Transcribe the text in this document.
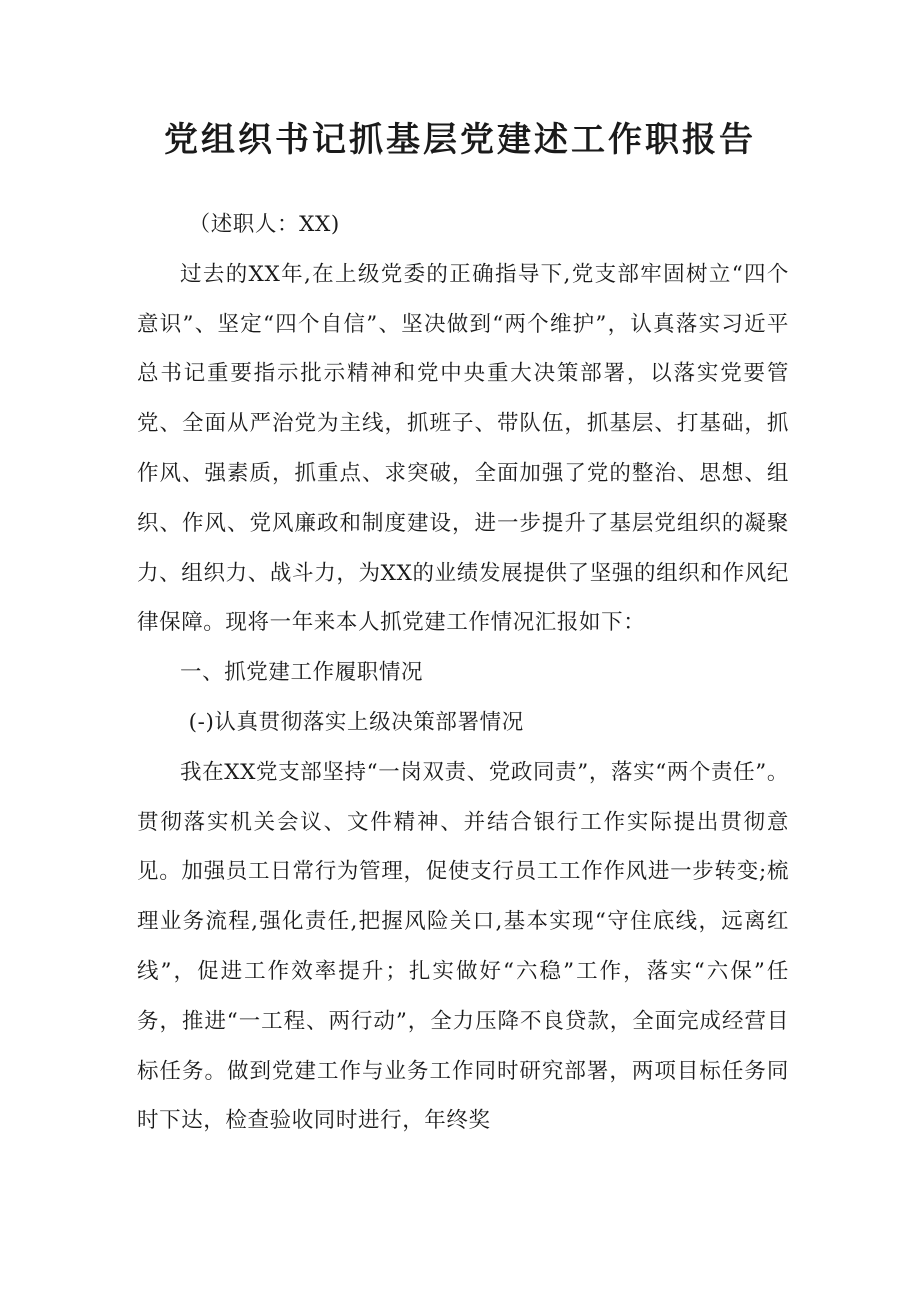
党组织书记抓基层党建述工作职报告

（述职人：XX)

过去的XX年,在上级党委的正确指导下,党支部牢固树立“四个意识”、坚定“四个自信”、坚决做到“两个维护”，认真落实习近平总书记重要指示批示精神和党中央重大决策部署，以落实党要管党、全面从严治党为主线，抓班子、带队伍，抓基层、打基础，抓作风、强素质，抓重点、求突破，全面加强了党的整治、思想、组织、作风、党风廉政和制度建设，进一步提升了基层党组织的凝聚力、组织力、战斗力，为XX的业绩发展提供了坚强的组织和作风纪律保障。现将一年来本人抓党建工作情况汇报如下：

一、抓党建工作履职情况

(-)认真贯彻落实上级决策部署情况

我在XX党支部坚持“一岗双责、党政同责”，落实“两个责任”。贯彻落实机关会议、文件精神、并结合银行工作实际提出贯彻意见。加强员工日常行为管理，促使支行员工工作作风进一步转变;梳理业务流程,强化责任,把握风险关口,基本实现“守住底线，远离红线”，促进工作效率提升；扎实做好“六稳”工作，落实“六保”任务，推进“一工程、两行动”，全力压降不良贷款，全面完成经营目标任务。做到党建工作与业务工作同时研究部署，两项目标任务同时下达，检查验收同时进行，年终奖
